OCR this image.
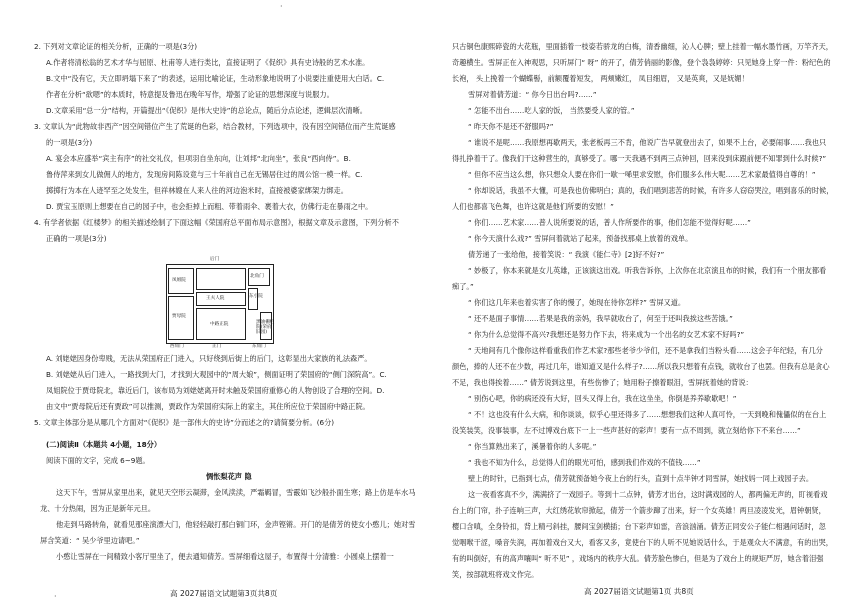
·
2. 下列对文章论证的相关分析，正确的一项是(3分)
A.作者将清松翁的艺术才华与屈原、杜甫等人进行类比，直接证明了《促织》具有史诗般的艺术水准。
B.文中“没有它，天立即坍塌下来了”的表述，运用比喻论证，生动形象地说明了小说要注重使用大白话。C.
作者在分析“欲嗯”的本质时，特意提及鲁迅在晚年写作，增强了论证的思想深度与说服力。
D.文章采用“总一分”结构，开篇提出“《促织》是伟大史诗”的总论点，随后分点论述，逻辑层次清晰。
3. 文章认为“此物故非西产”因空间错位产生了荒诞的色彩，结合教材，下列选项中，没有因空间错位而产生荒诞感
的一项是(3分)
A. 宴会本应盛举“宾主有序”的社交礼仪，但项羽自坐东向，让刘邦“北向坐”，张良“西向侍”。B.
鲁侍萍来到女儿做佣人的地方，发现房间陈设竟与三十年前自己在无锡居住过的周公馆一模一样。C.
掷掷行为本在人迹罕至之处发生，但祥林嫂在人来人往的河边泡米时，直接被婆家绑架力绑走。
D. 贾宝玉原则上想要在自己的园子中，也会拒掉上而粗、带着雨伞、裹着大衣，仿佛行走在暴雨之中。
4. 有学者依据《红楼梦》的相关描述绘制了下面这幅《荣国府总平面布局示意图》，根据文章及示意图，下列分析不
正确的一项是(3分)
后门
凤姐院
贾母院
王夫人院
中路正院
北角门
东小院
黑油栅栏院(荣府旧园)
正门
西角门	东角门
A. 刘姥姥因身份卑贱，无法从荣国府正门进入，只好绕到后街上的后门，这彰显出大家族的礼法森严。
B. 刘姥姥从后门进入，一路找到大门，才找到大观园中的“周大娘”，侧面证明了荣国府的“侧门深院高”。C.
凤姐院位于贾母院北，靠近后门，该布局为刘姥姥离开时未触及荣国府重修心的人物创设了合理的空间。D.
由文中“贾母院后还有贾政”可以推测，贾政作为荣国府实际上的家主，其住所应位于荣国府中路正院。
5. 文章主体部分是从哪几个方面对“《促织》是一部伟大的史诗”分而述之的?请简要分析。(6分)
(二)阅读Ⅱ（本题共 4小题，18分）
阅读下面的文字，完成 6~9题。
惆怅梨花声 隐
这天下午，雪屏从家里出来，就见天空形云凝滞，金风渎渎，严霜羁冒，雪霰如飞沙般扑面生寒；路上仿是车水马
龙、十分热闹，因为正是新年元旦。
他走到马路转角，就看见那座演漂大门，他轻轻敲打那白铜门环，金声铿锵。开门的是倩芳的使女小憨儿；她对雪
屏含笑道：“ 吴少爷里边请吧。”
小憨让雪屏在一间精致小客厅里坐了，便去通知倩芳。雪屏细看这屋子，布置得十分清雅：小圆桌上摆着一
高 2027届语文试题第3页共8页
·
只古铜色康熙碎瓷的大花瓶，里面插着一枝姿若骄龙的白梅，清香幽细，沁人心脾；壁上挂着一幅水墨竹画，万竿齐天，
奇趣横生。雪屏正在入神观思，只听屏门“ 呀” 的开了，倩芳俏丽的影像，登个袅袅婷婷：只见她身上穿一件：粉纪色的
长袍， 头上挽着一个蝴蝶髻，前额覆着短发， 两颊嫩红， 凤目细眉， 又是英爽，又是妩媚！
雪屏对着倩芳道：“ 你今日出台吗?……”
“ 怎能不出台……吃人家的饭， 当然要受人家的管。”
“ 昨天你不是还不舒服吗?”
“ 谁说不是呢……我原想再歇两天，张老板再三不肯，他说广告早就登出去了，如果不上台，必要闹事……我也只
得扎挣着干了。像我们干这种营生的，真够受了。哪一天我遇不到两三点钟回，回来没到床跟前便不知罪到什么时候?”
“ 但你不应当这么想，你只想众人要在你们一歇一唏里求安慰，你们服多么伟大呢……艺术家最值得自尊的！”
“ 你却说话，我虽不大懂，可是我也仿佛明白；真的，我们唱到悲苦的时候，有许多人窃窃哭泣，唱到喜乐的时候，
人们也都喜飞色舞，也许这就是他们所要的安慰！”
“ 你们……艺术家……普人说所要说的话，普人作所要作的事，他们怎能不觉得好呢……”
“ 你今天演什么戏?” 雪屏问着就站了起来，预备找那桌上放着的戏单。
倩芳递了一张给他，接着笑说：“ 我演《能仁寺》[2]好不好?”
“ 妙极了，你本来就是女儿英雄，正该演这出戏。听我告诉你，上次你在北京演且布的时候，我们有一个朋友都看
痴了。”
“ 你们这几年来也着实害了你的慢了，她现在待你怎样?” 雪屏又道。
“ 还不是面子事情……若果是我的亲妈，我早就收台了，何至于还叫我挨这些苦饿。”
“ 你为什么总觉得不高兴?我想还是努力作下去，将来成为一个出名的女艺术家不好吗?”
“ 天地间有几个像你这样看重我们作艺术家?那些老爷少爷们，还不是拿我们当粉头看……这会子年纪轻，有几分
颜色，捧的人还不在少数，再过几年，谁知道又是什么样子?……所以我只想着有点钱，就收台了也罢。但我有总是贪心
不足，我也得挨着……” 倩芳说到这里，有些伤惨了；她用粉子擦着眼泪，雪屏抚着她的背说：
“ 别伤心吧，你的病还没有大好，回头又得上台，我在这坐坐，你倒是养养歇歇吧！”
“ 不！这也没有什么大病，和你谈谈，似乎心里还得多了……想想我们这种人真可怜，一天到晚和傀儡似的在台上
没笑装笑，没事装事，左不过博戏台底下一上一些声甚好的彩声！要有一点不周到，就立刻给你下不来台……”
“ 你当算熟出来了，溪暑着你的人多呢。”
“ 我也不知为什么，总觉得人们的眼光可怕，感到我们作戏的不值钱……”
壁上的时针，已指到七点，倩芳就预备她今夜上台的行头，直到十点半钟才同雪屏，她找妈一同上戏园子去。
这一夜看客真不少，满满挤了一戏园子。等到十二点钟，倩芳才出台，这时满戏园的人，都两偏无声的，盯视看戏
台上的门帘，扑子连响三声，大红绣花软帘掀起，倩芳一个箭步蹿了出来，好一个女英雄！两旦凌凌发光，眉钟朝贤，
樱口含嗔，全身铃扣，背上精弓斜挂，腰间宝剑横插；台下彩声如雷，音浪汹涌。倩芳正同安公子能仁相遇问话时，忽
觉咽喉干涩，嗓音失润，再加着戏台又大，看客又多，竟使台下的人听不见她说话什么，于是观众大不满意，有的出哭，
有的叫倒好，有的高声嚷叫“ 听不见” ，戏场内的秩序大乱。倩芳脸色惨白，但是为了戏台上的规矩严厉，她含着泪强
笑，按部就班将戏文作完。
高 2027届语文试题第1页 共8页
